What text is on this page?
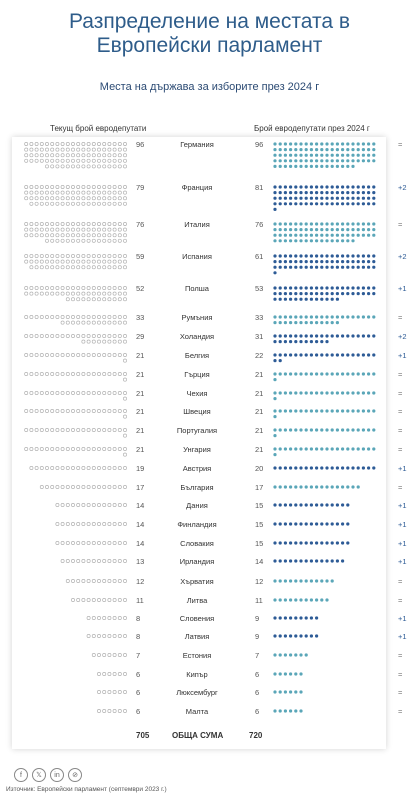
Разпределение на местата в
Европейски парламент
Места на държава за изборите през 2024 г
Текущ брой евродепутати	Брой евродепутати през 2024 г
96	Германия	96	=
79	Франция	81	+2
76	Италия	76	=
59	Испания	61	+2
52	Полша	53	+1
33	Румъния	33	=
29	Холандия	31	+2
21	Белгия	22	+1
21	Гърция	21	=
21	Чехия	21	=
21	Швеция	21	=
21	Португалия	21	=
21	Унгария	21	=
19	Австрия	20	+1
17	България	17	=
14	Дания	15	+1
14	Финландия	15	+1
14	Словакия	15	+1
13	Ирландия	14	+1
12	Хърватия	12	=
11	Литва	11	=
8	Словения	9	+1
8	Латвия	9	+1
7	Естония	7	=
6	Кипър	6	=
6	Люксембург	6	=
6	Малта	6	=
705	ОБЩА СУМА	720
f	𝕏	in	⊘
Източник: Европейски парламент (септември 2023 г.)
